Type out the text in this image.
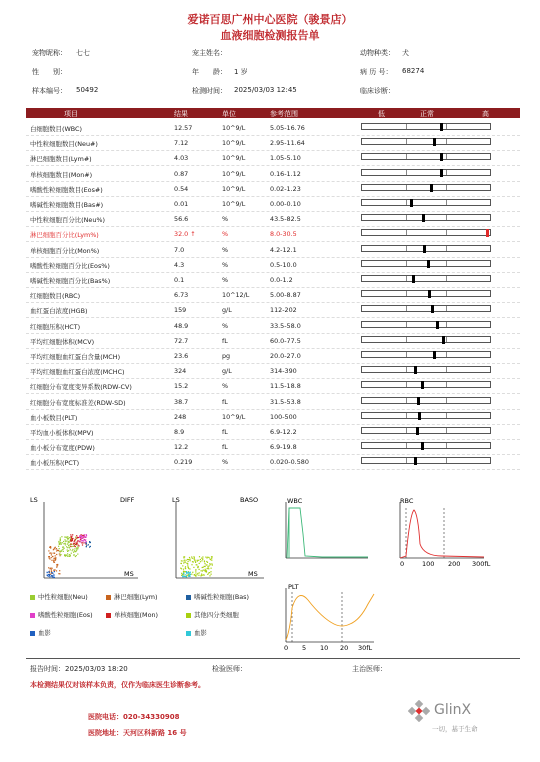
爱诺百思广州中心医院（骏景店）
血液细胞检测报告单
宠物昵称： 七七	宠主姓名：	动物种类： 犬
性　　别：	年　　龄： 1 岁	病 历 号： 68274
样本编号： 50492	检测时间： 2025/03/03 12:45	临床诊断：
项目	结果	单位	参考范围	低	正常	高
白细胞数目(WBC)	12.57	10^9/L	5.05-16.76
中性粒细胞数目(Neu#)	7.12	10^9/L	2.95-11.64
淋巴细胞数目(Lym#)	4.03	10^9/L	1.05-5.10
单核细胞数目(Mon#)	0.87	10^9/L	0.16-1.12
嗜酸性粒细胞数目(Eos#)	0.54	10^9/L	0.02-1.23
嗜碱性粒细胞数目(Bas#)	0.01	10^9/L	0.00-0.10
中性粒细胞百分比(Neu%)	56.6	%	43.5-82.5
淋巴细胞百分比(Lym%)	32.0 ↑	%	8.0-30.5
单核细胞百分比(Mon%)	7.0	%	4.2-12.1
嗜酸性粒细胞百分比(Eos%)	4.3	%	0.5-10.0
嗜碱性粒细胞百分比(Bas%)	0.1	%	0.0-1.2
红细胞数目(RBC)	6.73	10^12/L	5.00-8.87
血红蛋白浓度(HGB)	159	g/L	112-202
红细胞压积(HCT)	48.9	%	33.5-58.0
平均红细胞体积(MCV)	72.7	fL	60.0-77.5
平均红细胞血红蛋白含量(MCH)	23.6	pg	20.0-27.0
平均红细胞血红蛋白浓度(MCHC)	324	g/L	314-390
红细胞分布宽度变异系数(RDW-CV)	15.2	%	11.5-18.8
红细胞分布宽度标准差(RDW-SD)	38.7	fL	31.5-53.8
血小板数目(PLT)	248	10^9/L	100-500
平均血小板体积(MPV)	8.9	fL	6.9-12.2
血小板分布宽度(PDW)	12.2	fL	6.9-19.8
血小板压积(PCT)	0.219	%	0.020-0.580
LS	DIFF
MS
LS	BASO
MS
WBC	RBC
0	100 200 300fL
PLT
0 5 10 20 30fL
中性粒细胞(Neu)	淋巴细胞(Lym)	嗜碱性粒细胞(Bas)
嗜酸性粒细胞(Eos)	单核细胞(Mon)	其他四分类细胞
血影	血影
报告时间：2025/03/03 18:20	检验医师：	主治医师：
本检测结果仅对该样本负责，仅作为临床医生诊断参考。
医院电话：020-34330908
医院地址：天河区科新路 16 号
GlinX
一切，基于生命
